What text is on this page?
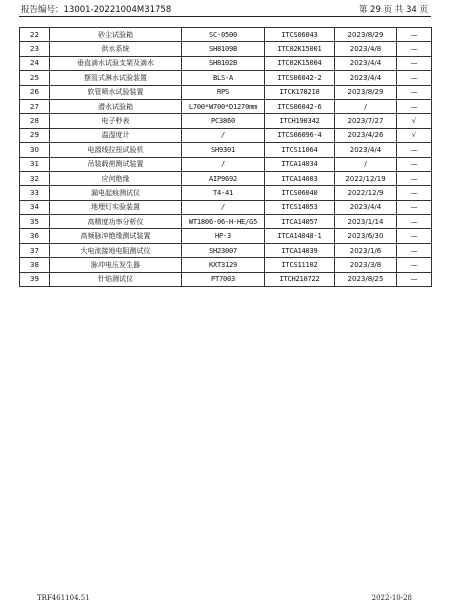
报告编号：13001-20221004M31758	第 29 页 共 34 页
22	砂尘试验箱	SC-0500	ITCS06043	2023/8/29	—
23	供水系统	SH8109B	ITC02K15001	2023/4/8	—
24	垂直滴水试验支架及滴水	SH8102B	ITC02K15004	2023/4/4	—
25	摆管式淋水试验装置	BLS-A	ITCS06042-2	2023/4/4	—
26	软管喷水试验装置	RPS	ITCK170210	2023/8/29	—
27	潜水试验箱	L700*W700*D1270mm	ITCS06042-6	/	—
28	电子秒表	PC3860	ITCH190342	2023/7/27	√
29	温湿度计	/	ITCS06096-4	2023/4/26	√
30	电源线拉扭试验机	SH9301	ITCS11064	2023/4/4	—
31	吊装载荷测试装置	/	ITCA14034	/	—
32	应何绝缘	AIP9692	ITCA14003	2022/12/19	—
33	漏电起痕测试仪	T4-41	ITCS06040	2022/12/9	—
34	地埋灯实验装置	/	ITCS14053	2023/4/4	—
35	高精度功率分析仪	WT1806-06-H-HE/G5	ITCA14057	2023/1/14	—
36	高频脉冲绝缘测试装置	HP-3	ITCA14048-1	2023/6/30	—
37	大电流接地电阻测试仪	SH23007	ITCA14039	2023/1/6	—
38	脉冲电压发生器	KXT3129	ITCS11102	2023/3/8	—
39	针焰测试仪	PT7003	ITCH210722	2023/8/25	—
TRF461104.51	2022-10-28
